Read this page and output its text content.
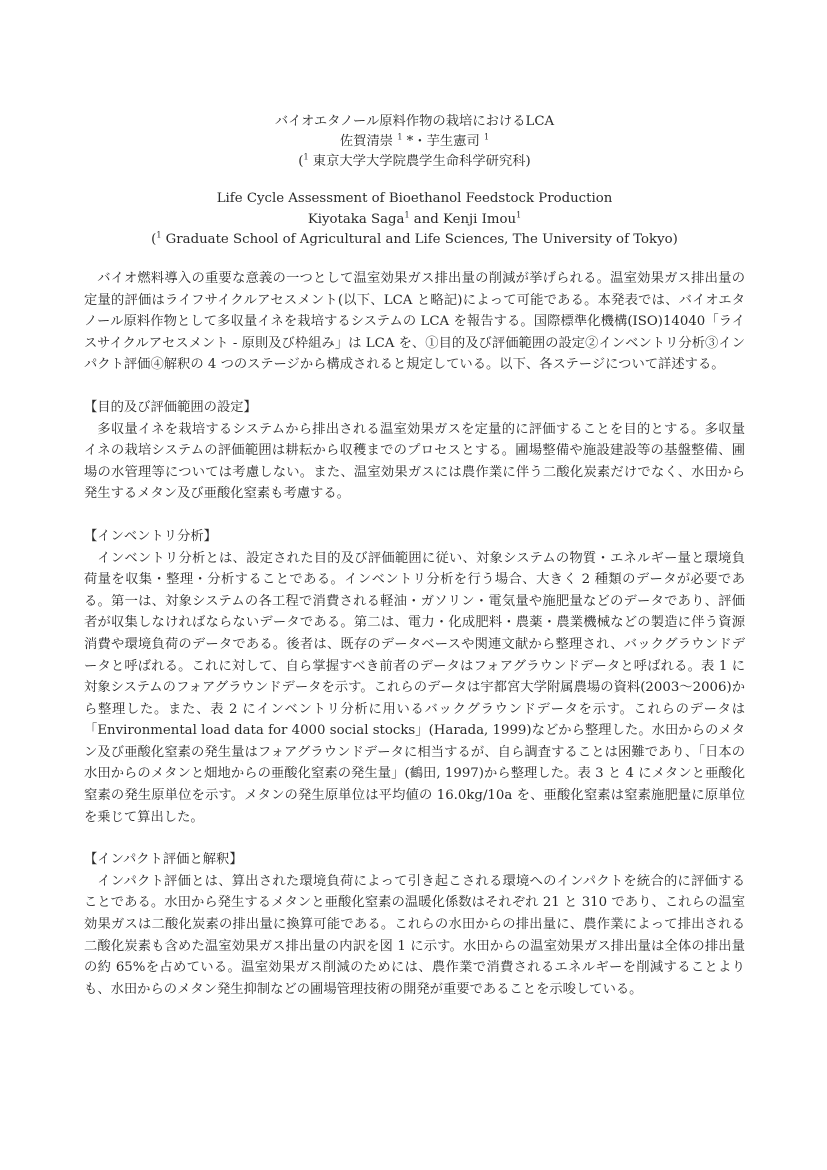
バイオエタノール原料作物の栽培におけるLCA
佐賀清崇 $^1$ *・芋生憲司 $^1$
($^1$ 東京大学大学院農学生命科学研究科)
Life Cycle Assessment of Bioethanol Feedstock Production
Kiyotaka Saga$^1$ and Kenji Imou$^1$
($^1$ Graduate School of Agricultural and Life Sciences, The University of Tokyo)

バイオ燃料導入の重要な意義の一つとして温室効果ガス排出量の削減が挙げられる。温室効果ガス排出量の定量的評価はライフサイクルアセスメント(以下、LCA と略記)によって可能である。本発表では、バイオエタノール原料作物として多収量イネを栽培するシステムの LCA を報告する。国際標準化機構(ISO)14040「ライスサイクルアセスメント - 原則及び枠組み」は LCA を、①目的及び評価範囲の設定②インベントリ分析③インパクト評価④解釈の 4 つのステージから構成されると規定している。以下、各ステージについて詳述する。

【目的及び評価範囲の設定】

多収量イネを栽培するシステムから排出される温室効果ガスを定量的に評価することを目的とする。多収量イネの栽培システムの評価範囲は耕耘から収穫までのプロセスとする。圃場整備や施設建設等の基盤整備、圃場の水管理等については考慮しない。また、温室効果ガスには農作業に伴う二酸化炭素だけでなく、水田から発生するメタン及び亜酸化窒素も考慮する。

【インベントリ分析】

インベントリ分析とは、設定された目的及び評価範囲に従い、対象システムの物質・エネルギー量と環境負荷量を収集・整理・分析することである。インベントリ分析を行う場合、大きく 2 種類のデータが必要である。第一は、対象システムの各工程で消費される軽油・ガソリン・電気量や施肥量などのデータであり、評価者が収集しなければならないデータである。第二は、電力・化成肥料・農薬・農業機械などの製造に伴う資源消費や環境負荷のデータである。後者は、既存のデータベースや関連文献から整理され、バックグラウンドデータと呼ばれる。これに対して、自ら掌握すべき前者のデータはフォアグラウンドデータと呼ばれる。表 1 に対象システムのフォアグラウンドデータを示す。これらのデータは宇都宮大学附属農場の資料(2003～2006)から整理した。また、表 2 にインベントリ分析に用いるバックグラウンドデータを示す。これらのデータは「Environmental load data for 4000 social stocks」(Harada, 1999)などから整理した。水田からのメタン及び亜酸化窒素の発生量はフォアグラウンドデータに相当するが、自ら調査することは困難であり、「日本の水田からのメタンと畑地からの亜酸化窒素の発生量」(鶴田, 1997)から整理した。表 3 と 4 にメタンと亜酸化窒素の発生原単位を示す。メタンの発生原単位は平均値の 16.0kg/10a を、亜酸化窒素は窒素施肥量に原単位を乗じて算出した。

【インパクト評価と解釈】

インパクト評価とは、算出された環境負荷によって引き起こされる環境へのインパクトを統合的に評価することである。水田から発生するメタンと亜酸化窒素の温暖化係数はそれぞれ 21 と 310 であり、これらの温室効果ガスは二酸化炭素の排出量に換算可能である。これらの水田からの排出量に、農作業によって排出される二酸化炭素も含めた温室効果ガス排出量の内訳を図 1 に示す。水田からの温室効果ガス排出量は全体の排出量の約 65%を占めている。温室効果ガス削減のためには、農作業で消費されるエネルギーを削減することよりも、水田からのメタン発生抑制などの圃場管理技術の開発が重要であることを示唆している。
